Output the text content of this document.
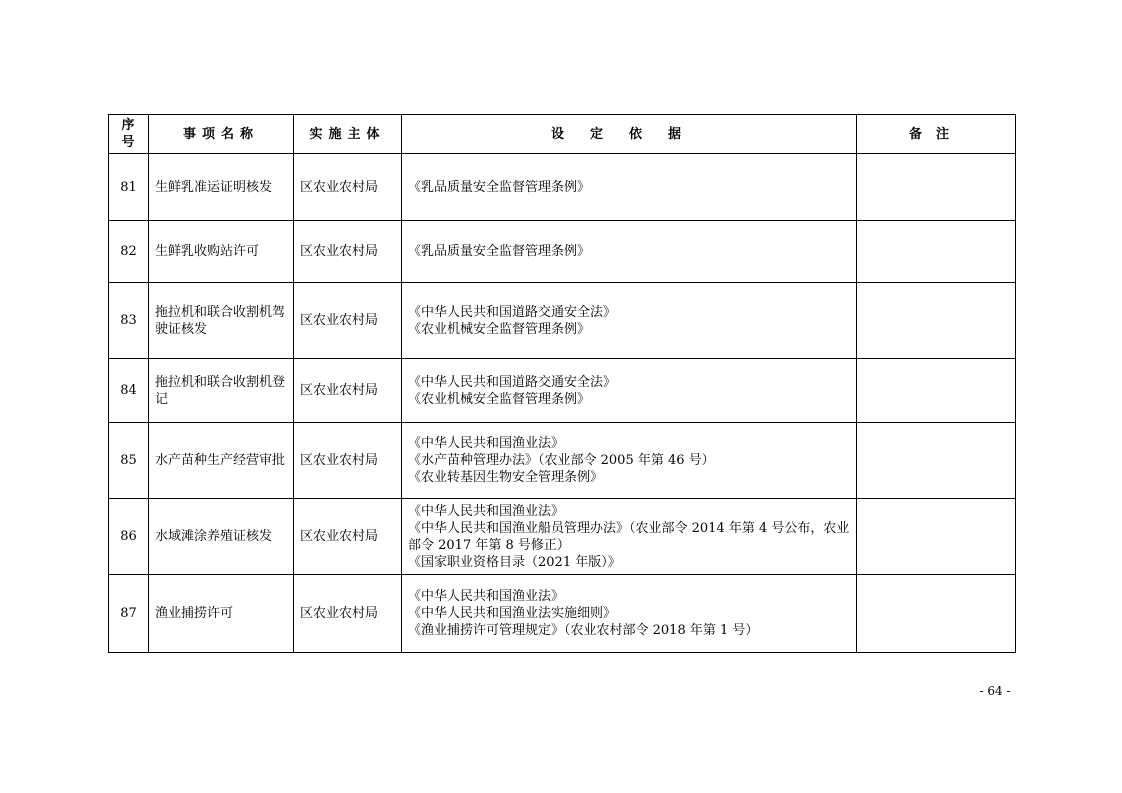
序号	事项名称	实施主体	设定依据	备注
81	生鲜乳准运证明核发	区农业农村局	《乳品质量安全监督管理条例》	

82	生鲜乳收购站许可	区农业农村局	《乳品质量安全监督管理条例》	

83	拖拉机和联合收割机驾驶证核发	区农业农村局	《中华人民共和国道路交通安全法》
《农业机械安全监督管理条例》	

84	拖拉机和联合收割机登记	区农业农村局	《中华人民共和国道路交通安全法》
《农业机械安全监督管理条例》	

85	水产苗种生产经营审批	区农业农村局	《中华人民共和国渔业法》
《水产苗种管理办法》（农业部令 2005 年第 46 号）
《农业转基因生物安全管理条例》	

86	水域滩涂养殖证核发	区农业农村局	《中华人民共和国渔业法》
《中华人民共和国渔业船员管理办法》（农业部令 2014 年第 4 号公布，农业部令 2017 年第 8 号修正）
《国家职业资格目录（2021 年版）》	

87	渔业捕捞许可	区农业农村局	《中华人民共和国渔业法》
《中华人民共和国渔业法实施细则》
《渔业捕捞许可管理规定》（农业农村部令 2018 年第 1 号）	

- 64 -
